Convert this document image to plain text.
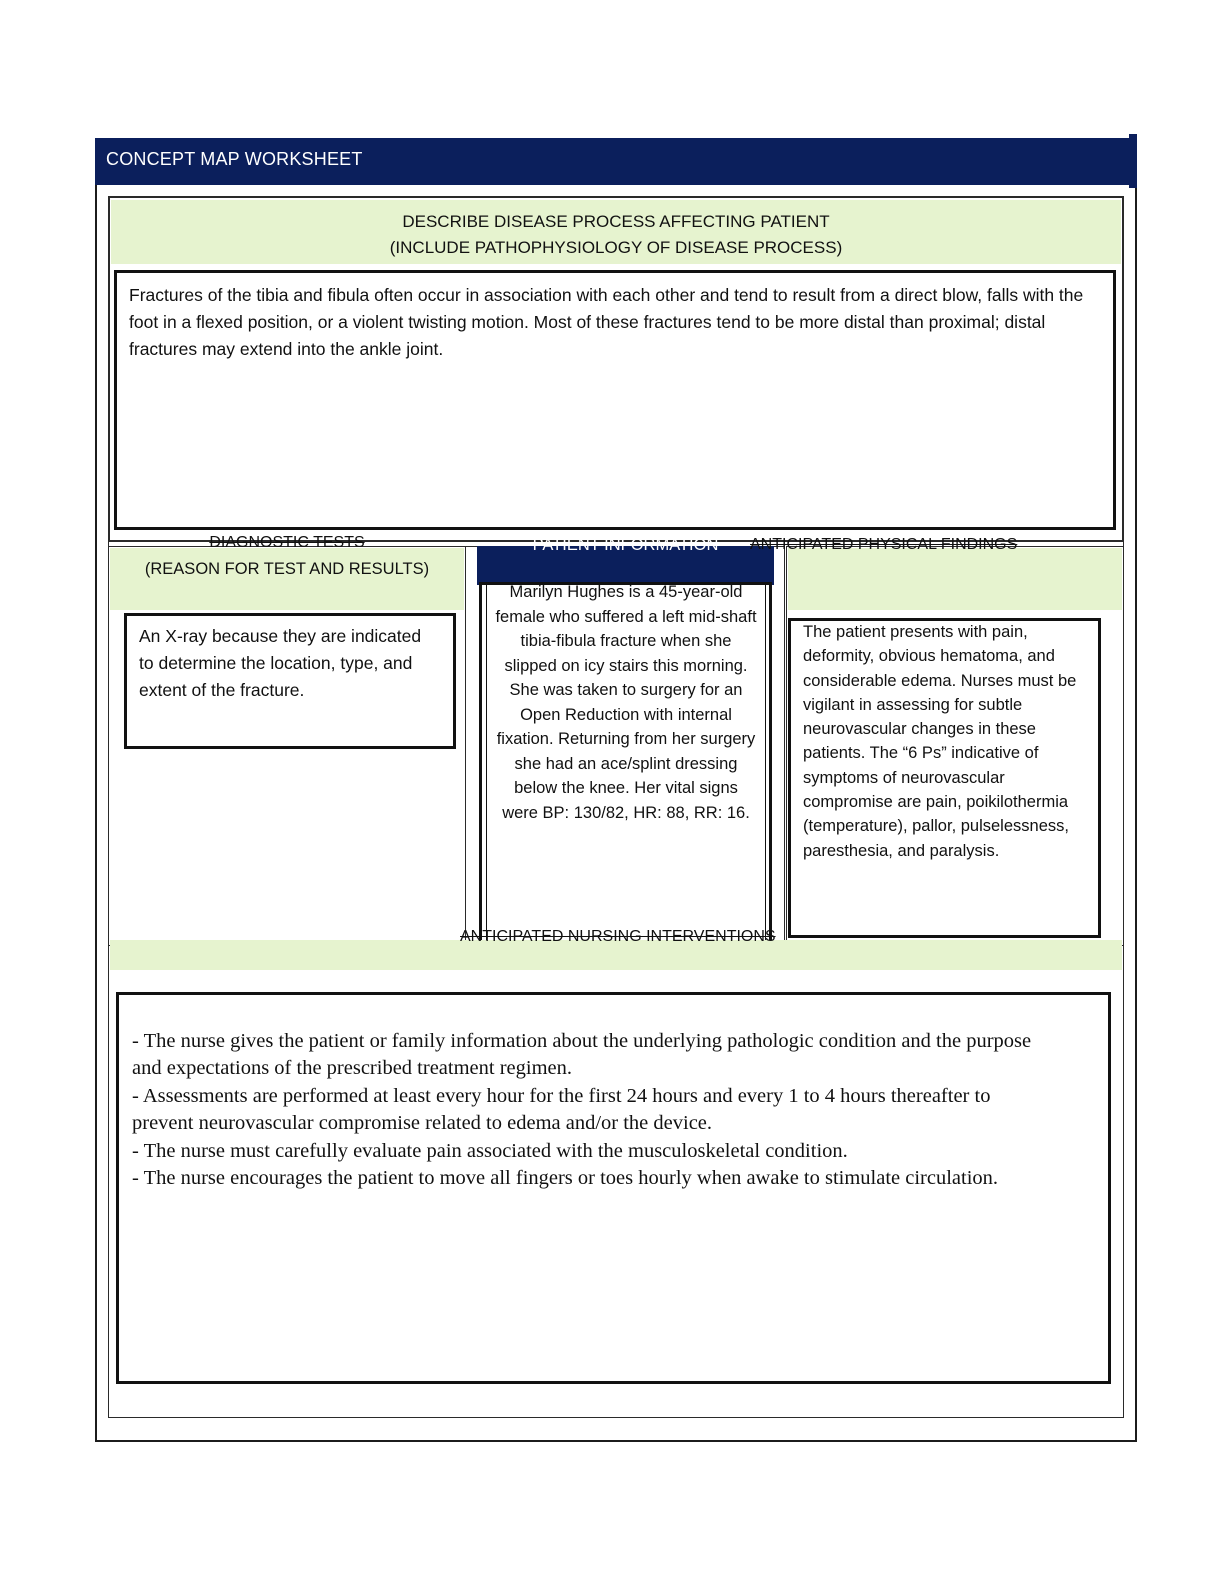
CONCEPT MAP WORKSHEET
DESCRIBE DISEASE PROCESS AFFECTING PATIENT
(INCLUDE PATHOPHYSIOLOGY OF DISEASE PROCESS)
Fractures of the tibia and fibula often occur in association with each other and tend to result from a direct blow, falls with the foot in a flexed position, or a violent twisting motion. Most of these fractures tend to be more distal than proximal; distal fractures may extend into the ankle joint.
DIAGNOSTIC TESTS
(REASON FOR TEST AND RESULTS)
An X-ray because they are indicated to determine the location, type, and extent of the fracture.
PATIENT INFORMATION
Marilyn Hughes is a 45-year-old female who suffered a left mid-shaft tibia-fibula fracture when she slipped on icy stairs this morning. She was taken to surgery for an Open Reduction with internal fixation. Returning from her surgery she had an ace/splint dressing below the knee. Her vital signs were BP: 130/82, HR: 88, RR: 16.
ANTICIPATED PHYSICAL FINDINGS
The patient presents with pain, deformity, obvious hematoma, and considerable edema. Nurses must be vigilant in assessing for subtle neurovascular changes in these patients. The “6 Ps” indicative of symptoms of neurovascular compromise are pain, poikilothermia (temperature), pallor, pulselessness, paresthesia, and paralysis.
ANTICIPATED NURSING INTERVENTIONS
- The nurse gives the patient or family information about the underlying pathologic condition and the purpose and expectations of the prescribed treatment regimen.
- Assessments are performed at least every hour for the first 24 hours and every 1 to 4 hours thereafter to prevent neurovascular compromise related to edema and/or the device.
- The nurse must carefully evaluate pain associated with the musculoskeletal condition.
- The nurse encourages the patient to move all fingers or toes hourly when awake to stimulate circulation.
